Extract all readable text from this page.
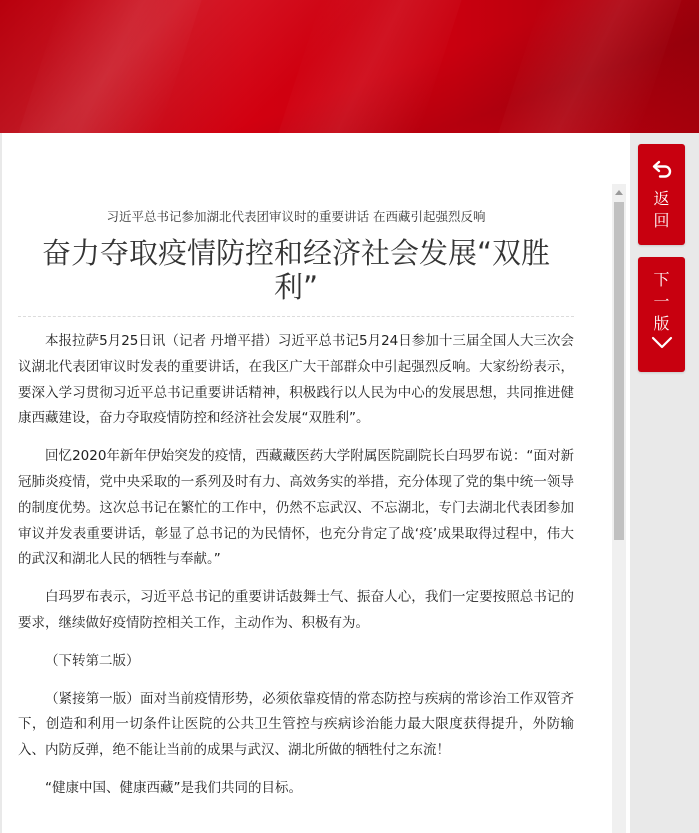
习近平总书记参加湖北代表团审议时的重要讲话 在西藏引起强烈反响

奋力夺取疫情防控和经济社会发展“双胜利”

本报拉萨5月25日讯（记者 丹增平措）习近平总书记5月24日参加十三届全国人大三次会议湖北代表团审议时发表的重要讲话，在我区广大干部群众中引起强烈反响。大家纷纷表示，要深入学习贯彻习近平总书记重要讲话精神，积极践行以人民为中心的发展思想，共同推进健康西藏建设，奋力夺取疫情防控和经济社会发展“双胜利”。

回忆2020年新年伊始突发的疫情，西藏藏医药大学附属医院副院长白玛罗布说：“面对新冠肺炎疫情，党中央采取的一系列及时有力、高效务实的举措，充分体现了党的集中统一领导的制度优势。这次总书记在繁忙的工作中，仍然不忘武汉、不忘湖北，专门去湖北代表团参加审议并发表重要讲话，彰显了总书记的为民情怀，也充分肯定了战‘疫’成果取得过程中，伟大的武汉和湖北人民的牺牲与奉献。”

白玛罗布表示，习近平总书记的重要讲话鼓舞士气、振奋人心，我们一定要按照总书记的要求，继续做好疫情防控相关工作，主动作为、积极有为。

（下转第二版）

（紧接第一版）面对当前疫情形势，必须依靠疫情的常态防控与疾病的常诊治工作双管齐下，创造和利用一切条件让医院的公共卫生管控与疾病诊治能力最大限度获得提升，外防输入、内防反弹，绝不能让当前的成果与武汉、湖北所做的牺牲付之东流！

“健康中国、健康西藏”是我们共同的目标。

返回
下一版
